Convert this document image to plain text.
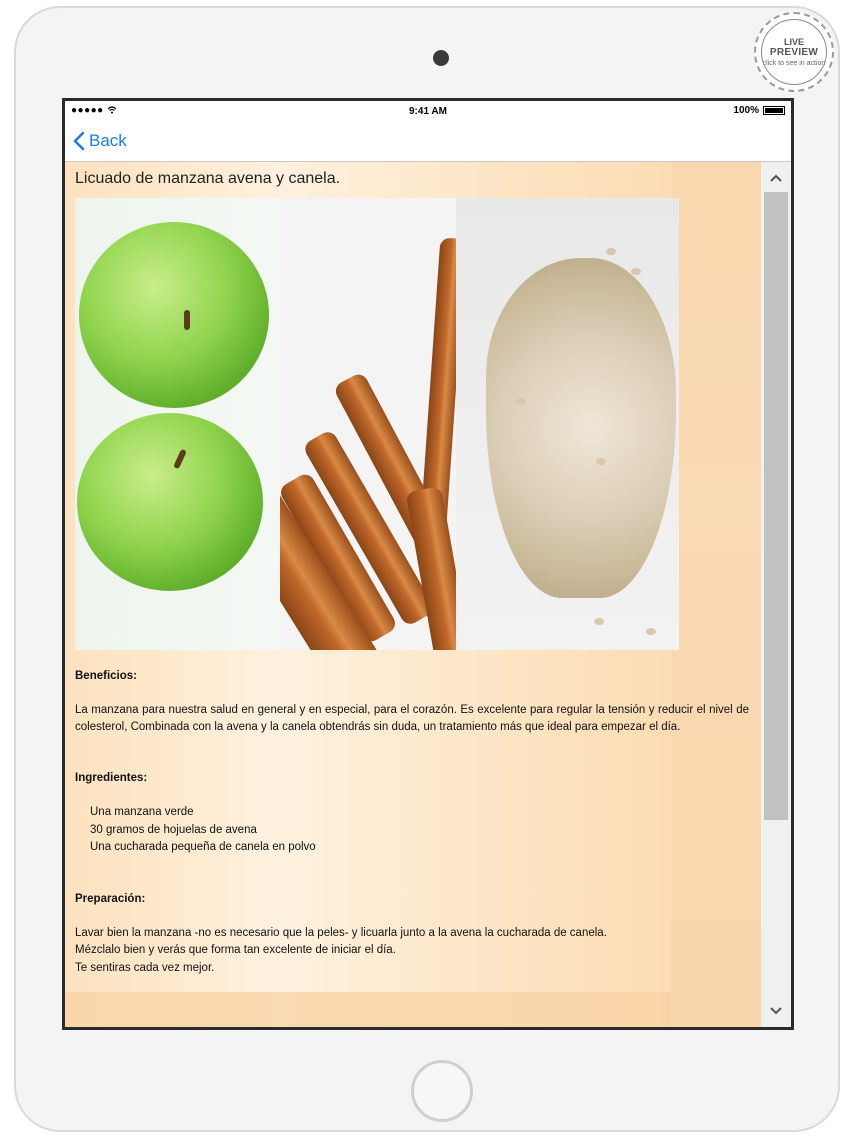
LIVE
PREVIEW
click to see in action
●●●●●	9:41 AM	100%
Back
Licuado de manzana avena y canela.
Beneficios:
La manzana para nuestra salud en general y en especial, para el corazón. Es excelente para regular la tensión y reducir el nivel de colesterol, Combinada con la avena y la canela obtendrás sin duda, un tratamiento más que ideal para empezar el día.
Ingredientes:
Una manzana verde
30 gramos de hojuelas de avena
Una cucharada pequeña de canela en polvo
Preparación:
Lavar bien la manzana -no es necesario que la peles- y licuarla junto a la avena la cucharada de canela.
Mézclalo bien y verás que forma tan excelente de iniciar el día.
Te sentiras cada vez mejor.
